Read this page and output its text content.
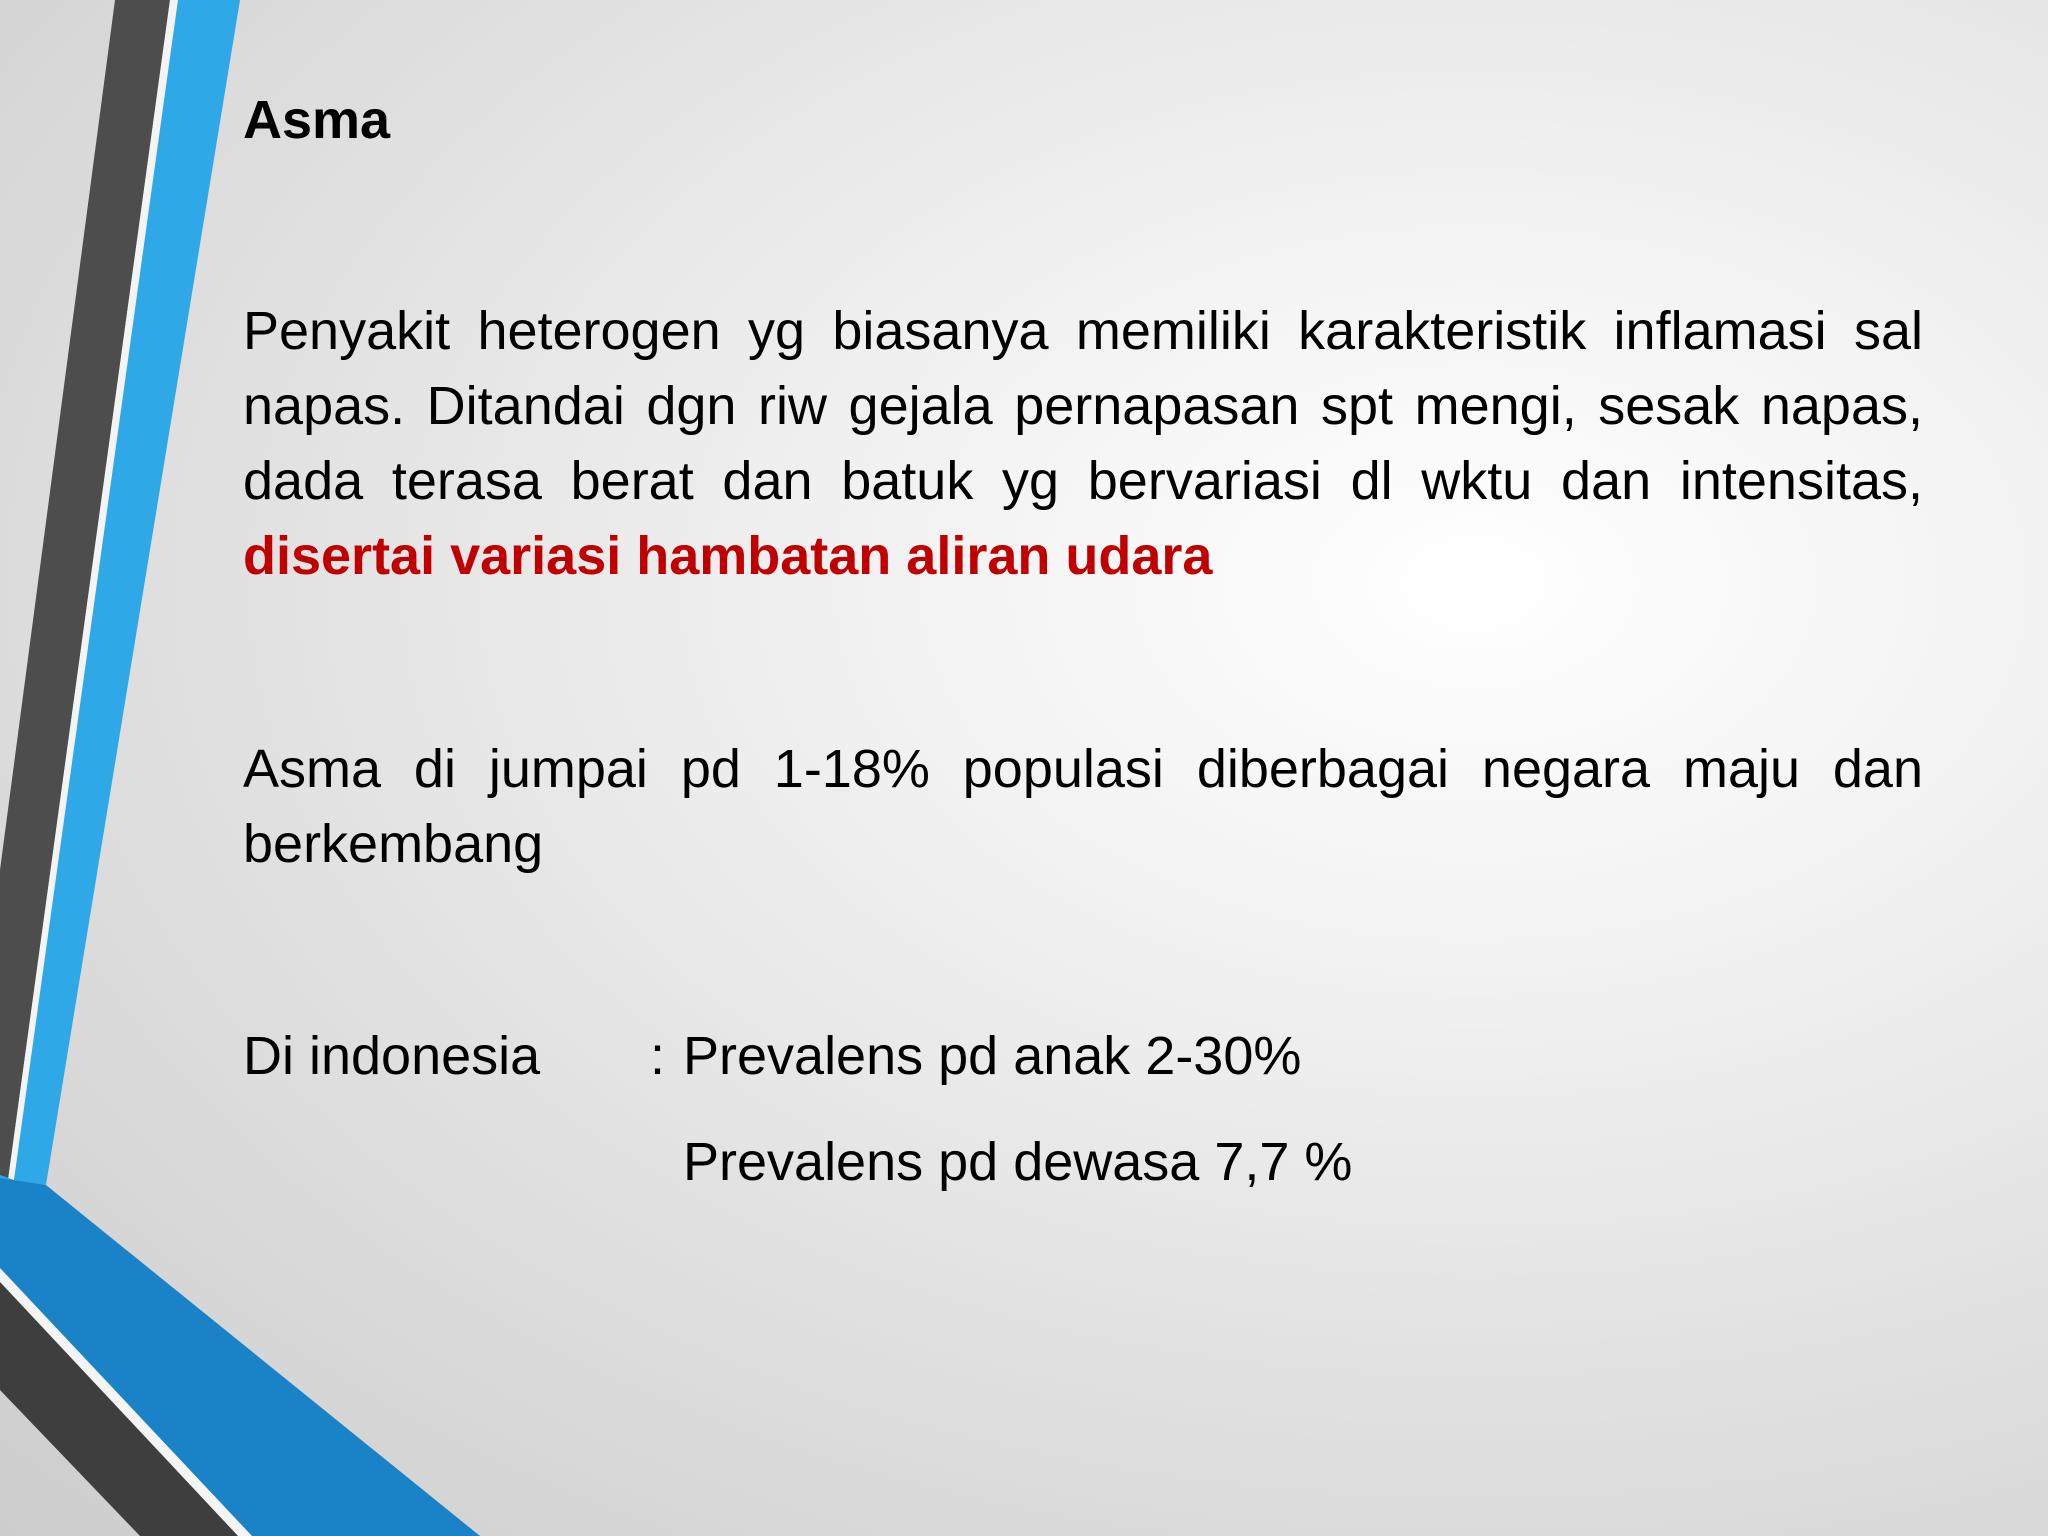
Asma

Penyakit heterogen yg biasanya memiliki karakteristik inflamasi sal napas. Ditandai dgn riw gejala pernapasan spt mengi, sesak napas, dada terasa berat dan batuk yg bervariasi dl wktu dan intensitas, disertai variasi hambatan aliran udara

Asma di jumpai pd 1-18% populasi diberbagai negara maju dan berkembang

Di indonesia : Prevalens pd anak 2-30%
Prevalens pd dewasa 7,7 %
